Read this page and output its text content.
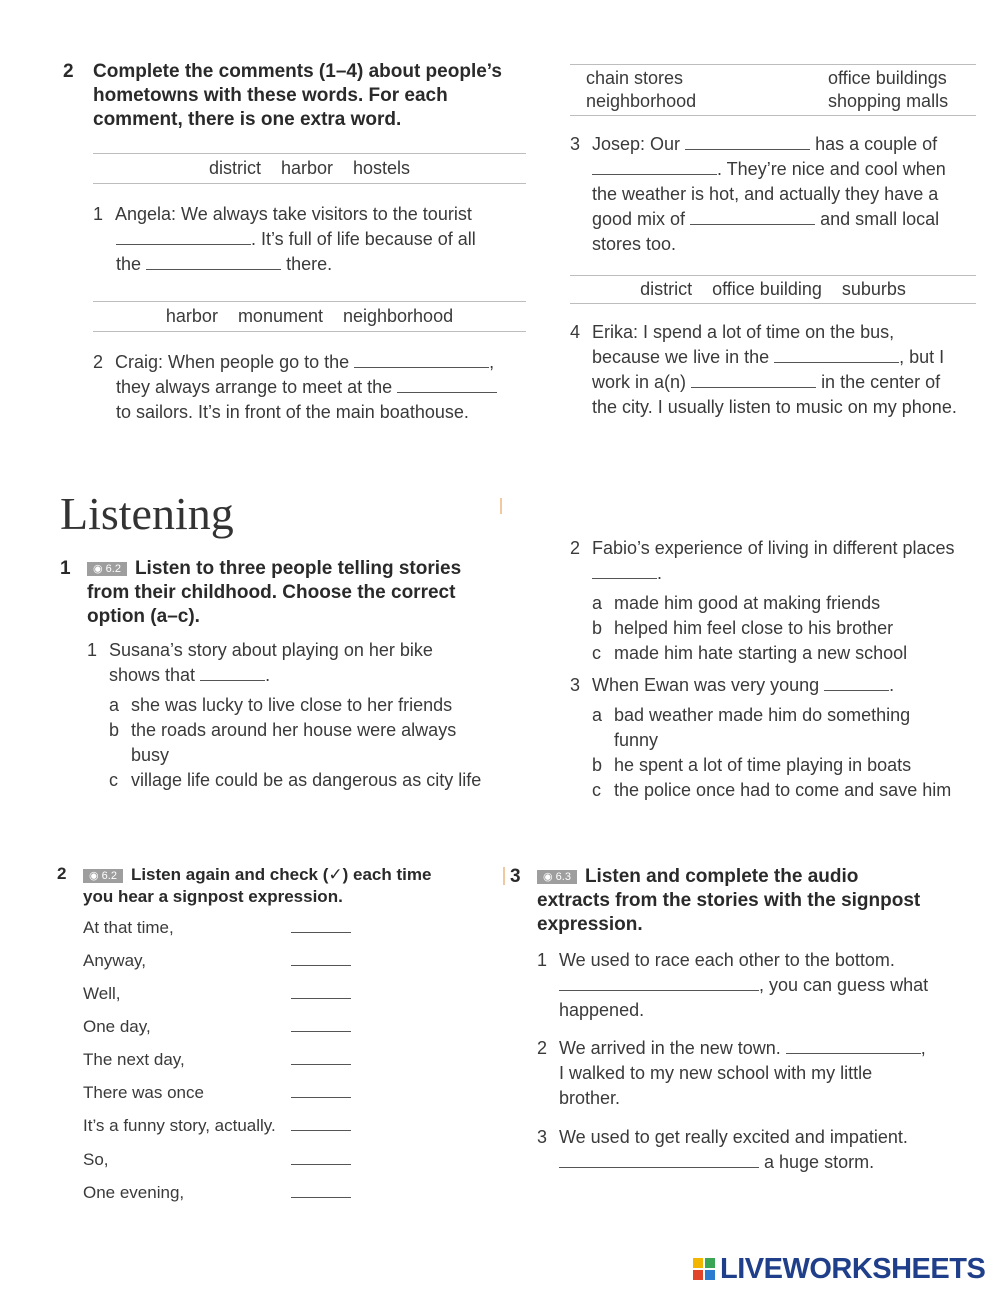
2 Complete the comments (1–4) about people’s hometowns with these words. For each comment, there is one extra word.
district harbor hostels
1 Angela: We always take visitors to the tourist
. It’s full of life because of all
the	there.
harbor monument neighborhood
2 Craig: When people go to the	,
they always arrange to meet at the
to sailors. It’s in front of the main boathouse.
chain stores	office buildings
neighborhood	shopping malls
3 Josep: Our	has a couple of
. They’re nice and cool when
the weather is hot, and actually they have a
good mix of	and small local
stores too.
district office building suburbs
4 Erika: I spend a lot of time on the bus,
because we live in the	, but I
work in a(n)	in the center of
the city. I usually listen to music on my phone.
Listening
1	◉ 6.2 Listen to three people telling stories
from their childhood. Choose the correct
option (a–c).
1 Susana’s story about playing on her bike
shows that	.
a she was lucky to live close to her friends
b the roads around her house were always
busy
c village life could be as dangerous as city life
2 Fabio’s experience of living in different places
.
a made him good at making friends
b helped him feel close to his brother
c made him hate starting a new school
3 When Ewan was very young	.
a bad weather made him do something
funny
b he spent a lot of time playing in boats
c the police once had to come and save him
2	◉ 6.2 Listen again and check (✓) each time
you hear a signpost expression.
At that time,
Anyway,
Well,
One day,
The next day,
There was once
It’s a funny story, actually.
So,
One evening,
3	◉ 6.3 Listen and complete the audio
extracts from the stories with the signpost
expression.
1 We used to race each other to the bottom.
, you can guess what
happened.
2 We arrived in the new town.	,
I walked to my new school with my little
brother.
3 We used to get really excited and impatient.
a huge storm.
LIVEWORKSHEETS
